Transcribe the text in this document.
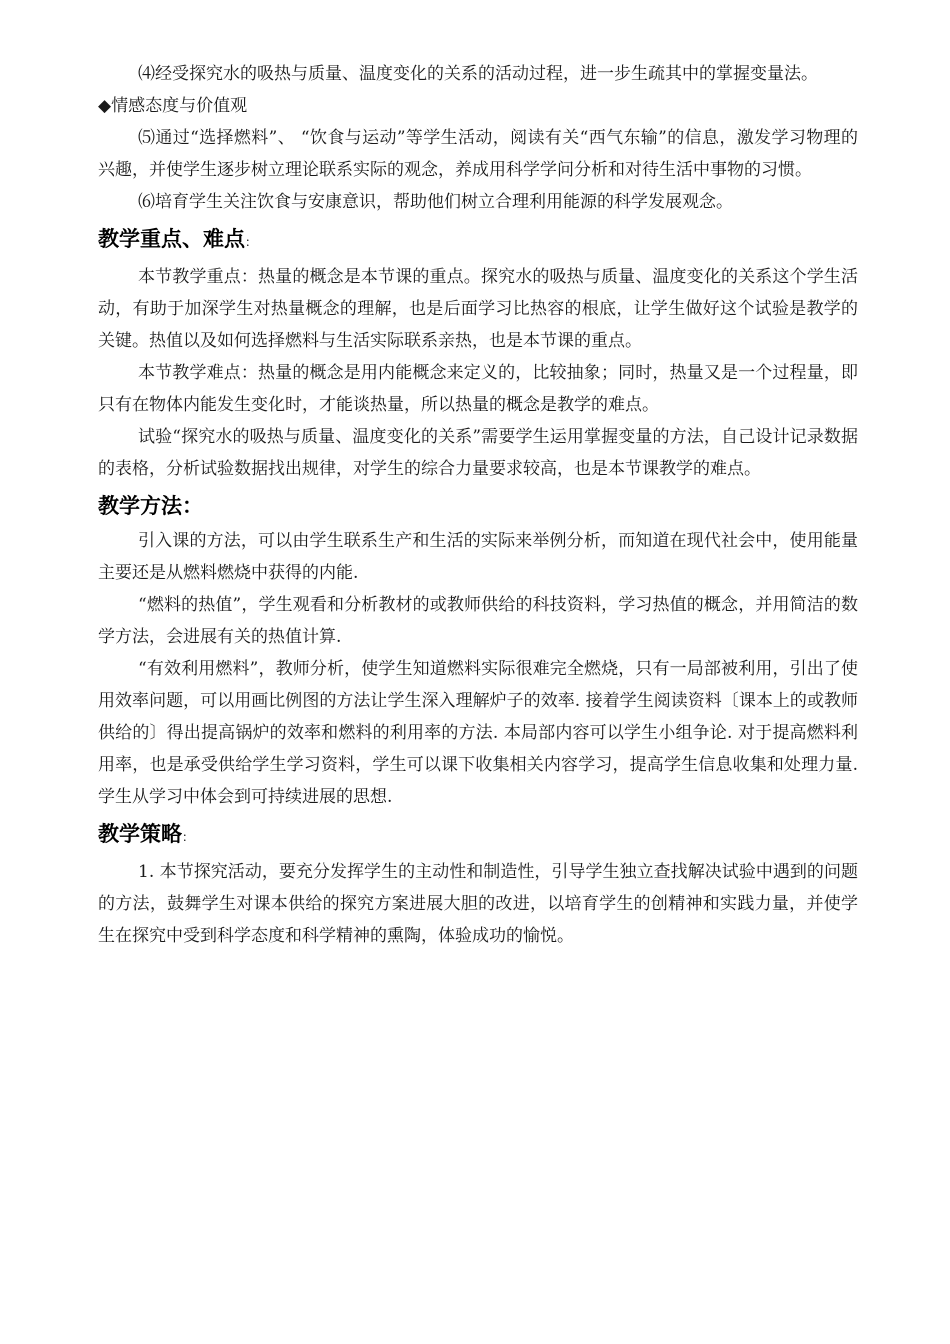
⑷经受探究水的吸热与质量、温度变化的关系的活动过程，进一步生疏其中的掌握变量法。

◆情感态度与价值观

⑸通过“选择燃料”、 “饮食与运动”等学生活动，阅读有关“西气东输”的信息，激发学习物理的兴趣，并使学生逐步树立理论联系实际的观念，养成用科学学问分析和对待生活中事物的习惯。

⑹培育学生关注饮食与安康意识，帮助他们树立合理利用能源的科学发展观念。

教学重点、难点：

本节教学重点：热量的概念是本节课的重点。探究水的吸热与质量、温度变化的关系这个学生活动，有助于加深学生对热量概念的理解，也是后面学习比热容的根底，让学生做好这个试验是教学的关键。热值以及如何选择燃料与生活实际联系亲热，也是本节课的重点。

本节教学难点：热量的概念是用内能概念来定义的，比较抽象；同时，热量又是一个过程量，即只有在物体内能发生变化时，才能谈热量，所以热量的概念是教学的难点。

试验“探究水的吸热与质量、温度变化的关系”需要学生运用掌握变量的方法，自己设计记录数据的表格，分析试验数据找出规律，对学生的综合力量要求较高，也是本节课教学的难点。

教学方法：

引入课的方法，可以由学生联系生产和生活的实际来举例分析，而知道在现代社会中，使用能量主要还是从燃料燃烧中获得的内能.

“燃料的热值”，学生观看和分析教材的或教师供给的科技资料，学习热值的概念，并用简洁的数学方法，会进展有关的热值计算.

“有效利用燃料”，教师分析，使学生知道燃料实际很难完全燃烧，只有一局部被利用，引出了使用效率问题，可以用画比例图的方法让学生深入理解炉子的效率. 接着学生阅读资料〔课本上的或教师供给的〕得出提高锅炉的效率和燃料的利用率的方法. 本局部内容可以学生小组争论. 对于提高燃料利用率，也是承受供给学生学习资料，学生可以课下收集相关内容学习，提高学生信息收集和处理力量. 学生从学习中体会到可持续进展的思想.

教学策略：

1. 本节探究活动，要充分发挥学生的主动性和制造性，引导学生独立查找解决试验中遇到的问题的方法，鼓舞学生对课本供给的探究方案进展大胆的改进，以培育学生的创精神和实践力量，并使学生在探究中受到科学态度和科学精神的熏陶，体验成功的愉悦。
